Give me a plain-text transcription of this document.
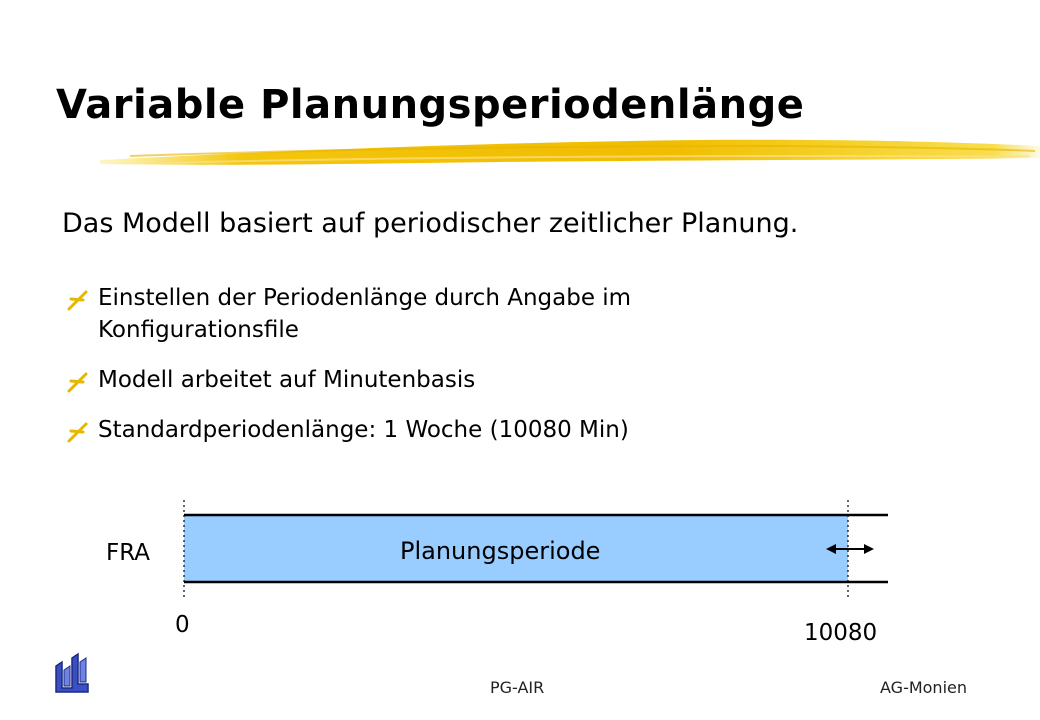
Variable Planungsperiodenlänge

Das Modell basiert auf periodischer zeitlicher Planung.

Einstellen der Periodenlänge durch Angabe im Konfigurationsfile
Modell arbeitet auf Minutenbasis
Standardperiodenlänge: 1 Woche (10080 Min)
FRA	Planungsperiode
0	10080
PG-AIR	AG-Monien
